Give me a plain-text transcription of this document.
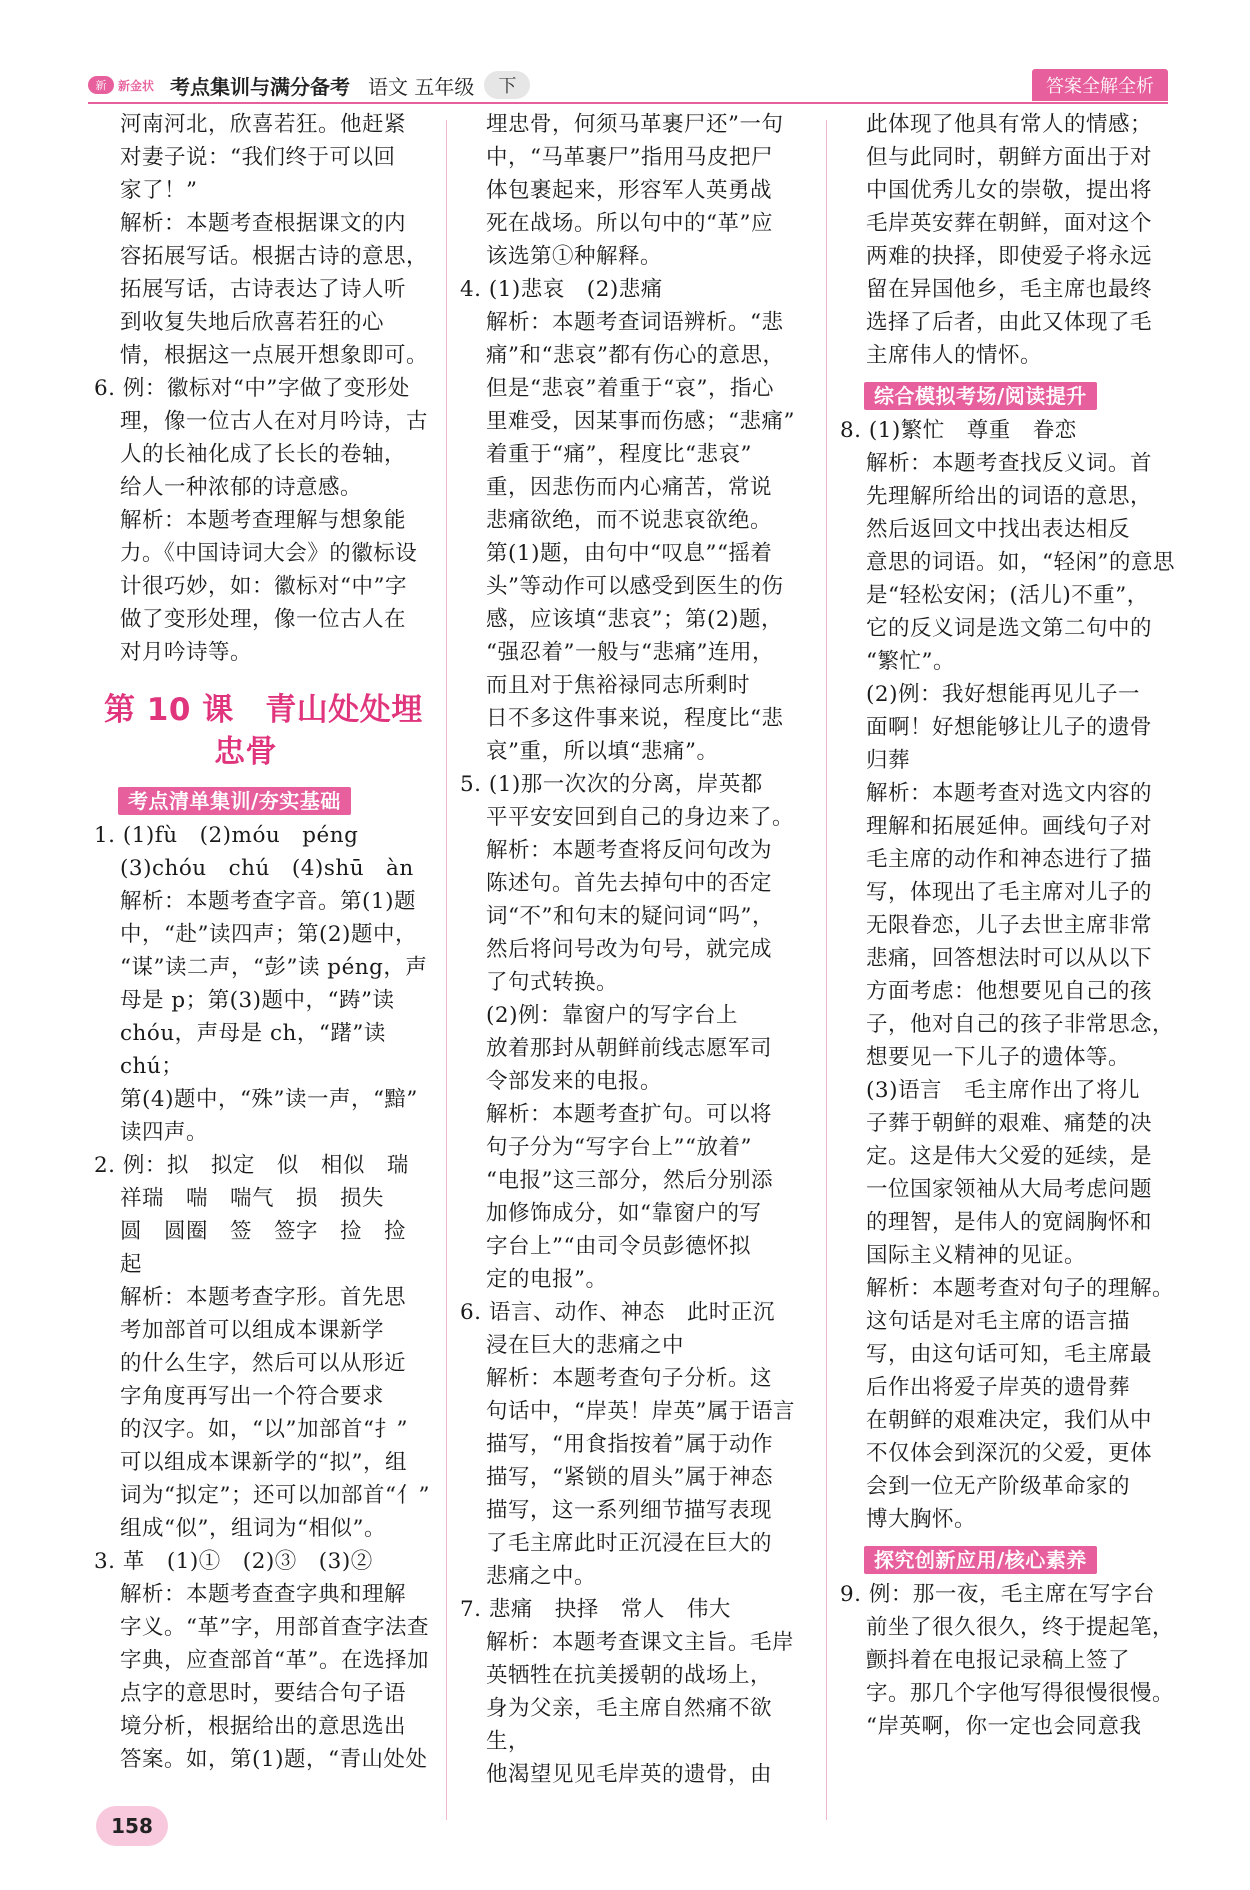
新 新金状 考点集训与满分备考 语文 五年级	下	答案全解全析

河南河北，欣喜若狂。他赶紧

对妻子说：“我们终于可以回

家了！”

解析：本题考查根据课文的内

容拓展写话。根据古诗的意思，

拓展写话，古诗表达了诗人听

到收复失地后欣喜若狂的心

情，根据这一点展开想象即可。

6. 例：徽标对“中”字做了变形处

理，像一位古人在对月吟诗，古

人的长袖化成了长长的卷轴，

给人一种浓郁的诗意感。

解析：本题考查理解与想象能

力。《中国诗词大会》的徽标设

计很巧妙，如：徽标对“中”字

做了变形处理，像一位古人在

对月吟诗等。

第 10 课　青山处处埋
忠骨
考点清单集训/夯实基础

1. (1)fù　(2)móu　péng

(3)chóu　chú　(4)shū　àn

解析：本题考查字音。第(1)题

中，“赴”读四声；第(2)题中，

“谋”读二声，“彭”读 péng，声

母是 p；第(3)题中，“踌”读

chóu，声母是 ch，“躇”读 chú；

第(4)题中，“殊”读一声，“黯”

读四声。

2. 例：拟　拟定　似　相似　瑞

祥瑞　喘　喘气　损　损失

圆　圆圈　签　签字　捡　捡

起

解析：本题考查字形。首先思

考加部首可以组成本课新学

的什么生字，然后可以从形近

字角度再写出一个符合要求

的汉字。如，“以”加部首“扌”

可以组成本课新学的“拟”，组

词为“拟定”；还可以加部首“亻”

组成“似”，组词为“相似”。

3. 革　(1)①　(2)③　(3)②

解析：本题考查查字典和理解

字义。“革”字，用部首查字法查

字典，应查部首“革”。在选择加

点字的意思时，要结合句子语

境分析，根据给出的意思选出

答案。如，第(1)题，“青山处处

埋忠骨，何须马革裹尸还”一句

中，“马革裹尸”指用马皮把尸

体包裹起来，形容军人英勇战

死在战场。所以句中的“革”应

该选第①种解释。

4. (1)悲哀　(2)悲痛

解析：本题考查词语辨析。“悲

痛”和“悲哀”都有伤心的意思，

但是“悲哀”着重于“哀”，指心

里难受，因某事而伤感；“悲痛”

着重于“痛”，程度比“悲哀”

重，因悲伤而内心痛苦，常说

悲痛欲绝，而不说悲哀欲绝。

第(1)题，由句中“叹息”“摇着

头”等动作可以感受到医生的伤

感，应该填“悲哀”；第(2)题，

“强忍着”一般与“悲痛”连用，

而且对于焦裕禄同志所剩时

日不多这件事来说，程度比“悲

哀”重，所以填“悲痛”。

5. (1)那一次次的分离，岸英都

平平安安回到自己的身边来了。

解析：本题考查将反问句改为

陈述句。首先去掉句中的否定

词“不”和句末的疑问词“吗”，

然后将问号改为句号，就完成

了句式转换。

(2)例：靠窗户的写字台上

放着那封从朝鲜前线志愿军司

令部发来的电报。

解析：本题考查扩句。可以将

句子分为“写字台上”“放着”

“电报”这三部分，然后分别添

加修饰成分，如“靠窗户的写

字台上”“由司令员彭德怀拟

定的电报”。

6. 语言、动作、神态　此时正沉

浸在巨大的悲痛之中

解析：本题考查句子分析。这

句话中，“岸英！岸英”属于语言

描写，“用食指按着”属于动作

描写，“紧锁的眉头”属于神态

描写，这一系列细节描写表现

了毛主席此时正沉浸在巨大的

悲痛之中。

7. 悲痛　抉择　常人　伟大

解析：本题考查课文主旨。毛岸

英牺牲在抗美援朝的战场上，

身为父亲，毛主席自然痛不欲生，

他渴望见见毛岸英的遗骨，由

此体现了他具有常人的情感；

但与此同时，朝鲜方面出于对

中国优秀儿女的崇敬，提出将

毛岸英安葬在朝鲜，面对这个

两难的抉择，即使爱子将永远

留在异国他乡，毛主席也最终

选择了后者，由此又体现了毛

主席伟人的情怀。

综合模拟考场/阅读提升

8. (1)繁忙　尊重　眷恋

解析：本题考查找反义词。首

先理解所给出的词语的意思，

然后返回文中找出表达相反

意思的词语。如，“轻闲”的意思

是“轻松安闲；(活儿)不重”，

它的反义词是选文第二句中的

“繁忙”。

(2)例：我好想能再见儿子一

面啊！好想能够让儿子的遗骨

归葬

解析：本题考查对选文内容的

理解和拓展延伸。画线句子对

毛主席的动作和神态进行了描

写，体现出了毛主席对儿子的

无限眷恋，儿子去世主席非常

悲痛，回答想法时可以从以下

方面考虑：他想要见自己的孩

子，他对自己的孩子非常思念，

想要见一下儿子的遗体等。

(3)语言　毛主席作出了将儿

子葬于朝鲜的艰难、痛楚的决

定。这是伟大父爱的延续，是

一位国家领袖从大局考虑问题

的理智，是伟人的宽阔胸怀和

国际主义精神的见证。

解析：本题考查对句子的理解。

这句话是对毛主席的语言描

写，由这句话可知，毛主席最

后作出将爱子岸英的遗骨葬

在朝鲜的艰难决定，我们从中

不仅体会到深沉的父爱，更体

会到一位无产阶级革命家的

博大胸怀。

探究创新应用/核心素养

9. 例：那一夜，毛主席在写字台

前坐了很久很久，终于提起笔，

颤抖着在电报记录稿上签了

字。那几个字他写得很慢很慢。

“岸英啊，你一定也会同意我

158
